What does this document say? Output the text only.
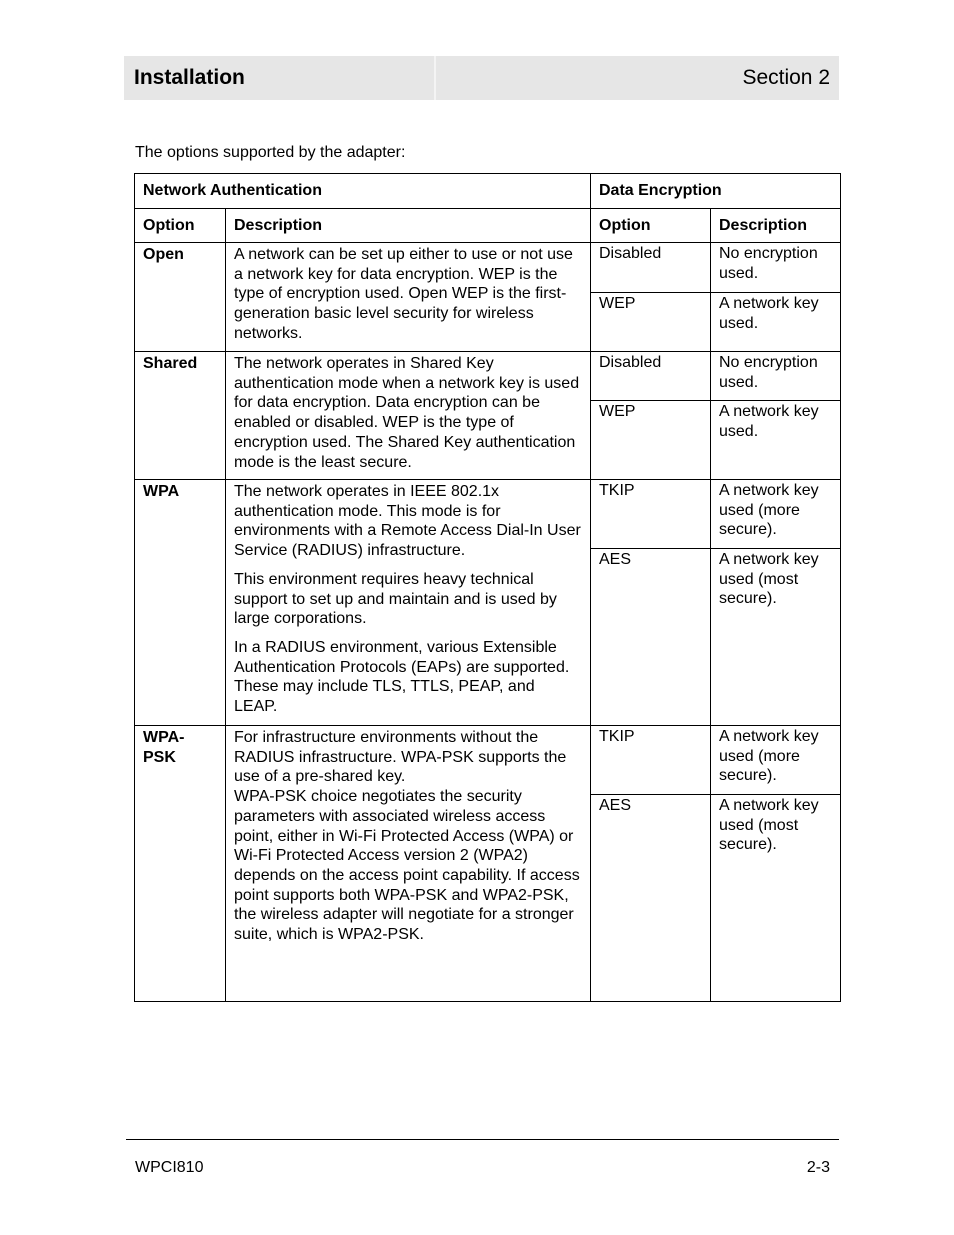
Installation	Section 2
The options supported by the adapter:
Network Authentication		Data Encryption	
Option	Description	Option	Description
Open	A network can be set up either to use or not use a network key for data encryption. WEP is the type of encryption used. Open WEP is the first-generation basic level security for wireless networks.	Disabled	No encryption used.
		WEP	A network key used.
Shared	The network operates in Shared Key authentication mode when a network key is used for data encryption. Data encryption can be enabled or disabled. WEP is the type of encryption used. The Shared Key authentication mode is the least secure.	Disabled	No encryption used.
		WEP	A network key used.
WPA	The network operates in IEEE 802.1x authentication mode. This mode is for environments with a Remote Access Dial-In User Service (RADIUS) infrastructure.

This environment requires heavy technical support to set up and maintain and is used by large corporations.

In a RADIUS environment, various Extensible Authentication Protocols (EAPs) are supported. These may include TLS, TTLS, PEAP, and LEAP.	TKIP	A network key used (more secure).
		AES	A network key used (most secure).
WPA-PSK	For infrastructure environments without the RADIUS infrastructure. WPA-PSK supports the use of a pre-shared key.

WPA-PSK choice negotiates the security parameters with associated wireless access point, either in Wi-Fi Protected Access (WPA) or Wi-Fi Protected Access version 2 (WPA2) depends on the access point capability. If access point supports both WPA-PSK and WPA2-PSK, the wireless adapter will negotiate for a stronger suite, which is WPA2-PSK.	TKIP	A network key used (more secure).
		AES	A network key used (most secure).
WPCI810	2-3
